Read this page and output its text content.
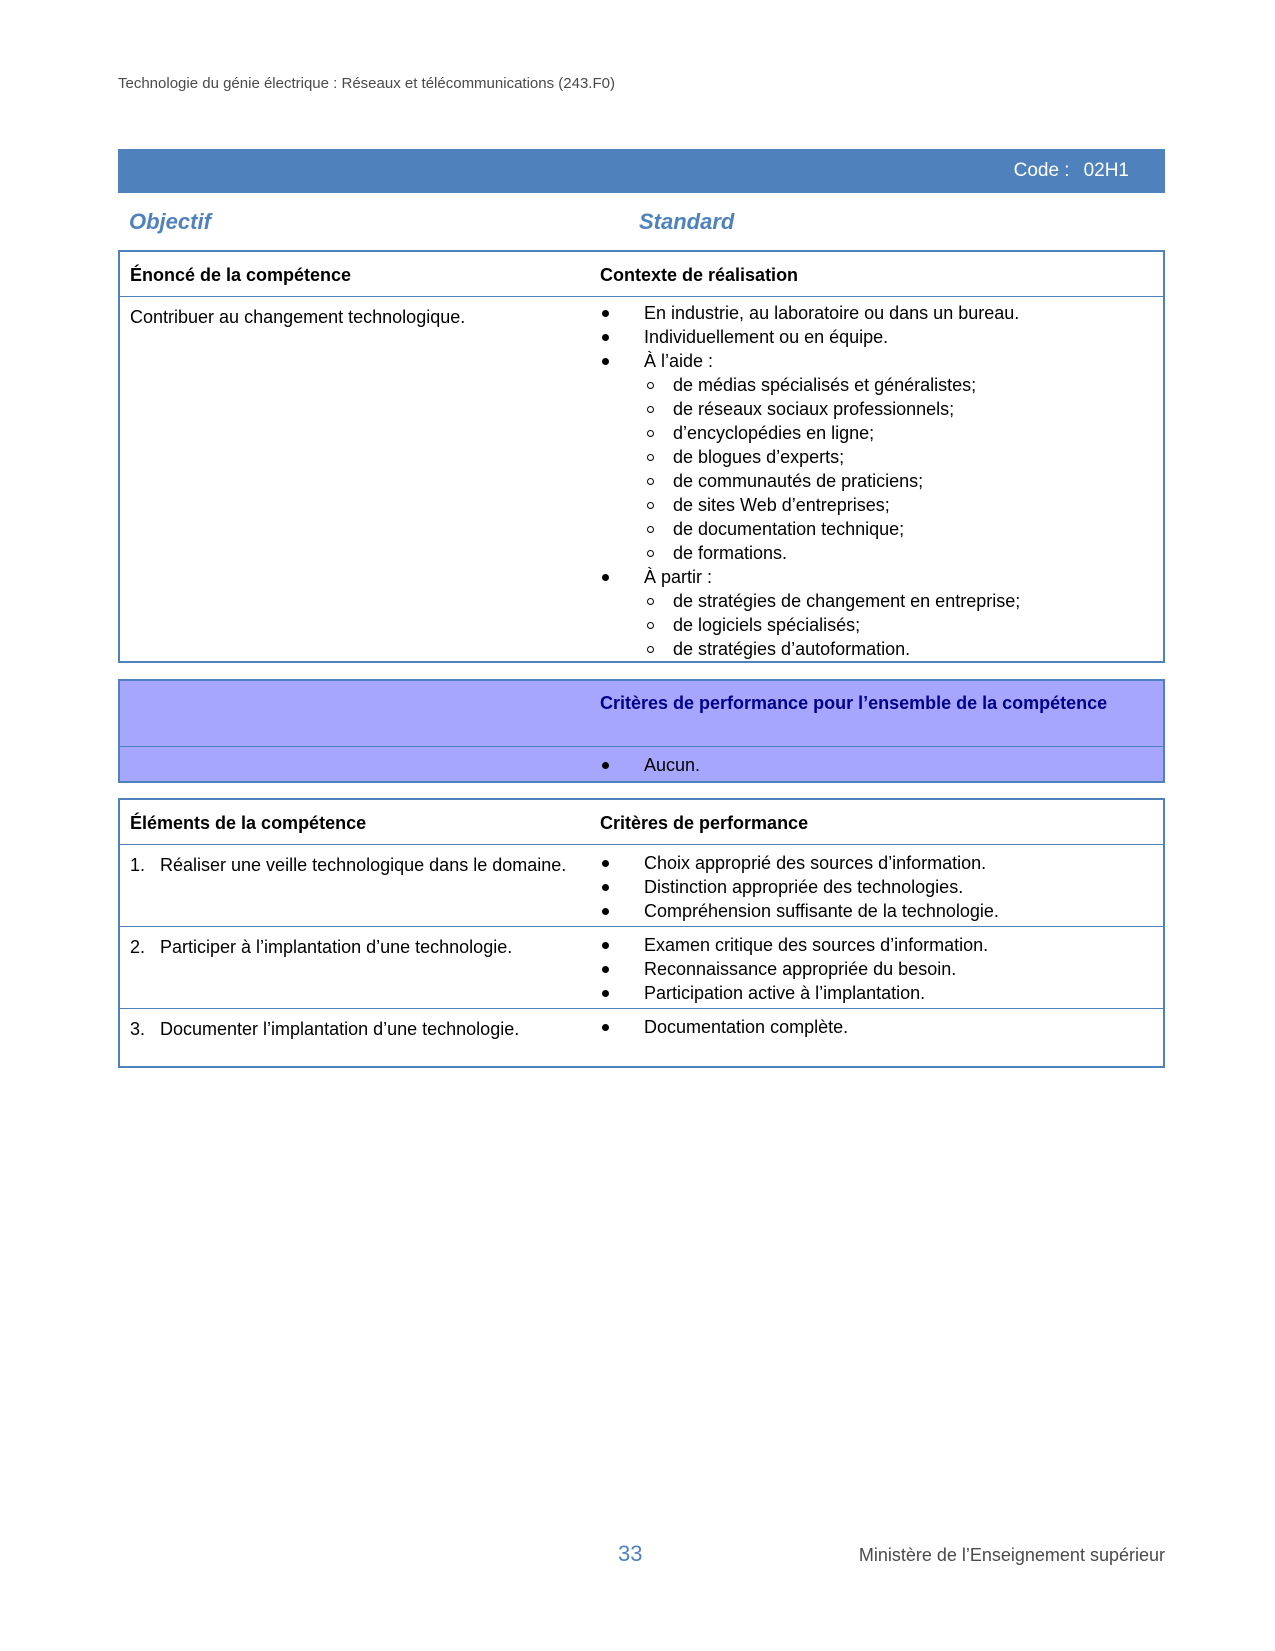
Technologie du génie électrique : Réseaux et télécommunications (243.F0)
Code : 02H1
Objectif	Standard
Énoncé de la compétence	Contexte de réalisation
Contribuer au changement technologique.	En industrie, au laboratoire ou dans un bureau.
Individuellement ou en équipe.
À l’aide :
de médias spécialisés et généralistes;
de réseaux sociaux professionnels;
d’encyclopédies en ligne;
de blogues d’experts;
de communautés de praticiens;
de sites Web d’entreprises;
de documentation technique;
de formations.
À partir :
de stratégies de changement en entreprise;
de logiciels spécialisés;
de stratégies d’autoformation.
Critères de performance pour l’ensemble de la compétence
Aucun.
Éléments de la compétence	Critères de performance
1. Réaliser une veille technologique dans le domaine.	Choix approprié des sources d’information.
Distinction appropriée des technologies.
Compréhension suffisante de la technologie.
2. Participer à l’implantation d’une technologie.	Examen critique des sources d’information.
Reconnaissance appropriée du besoin.
Participation active à l’implantation.
3. Documenter l’implantation d’une technologie.	Documentation complète.
33	Ministère de l’Enseignement supérieur
